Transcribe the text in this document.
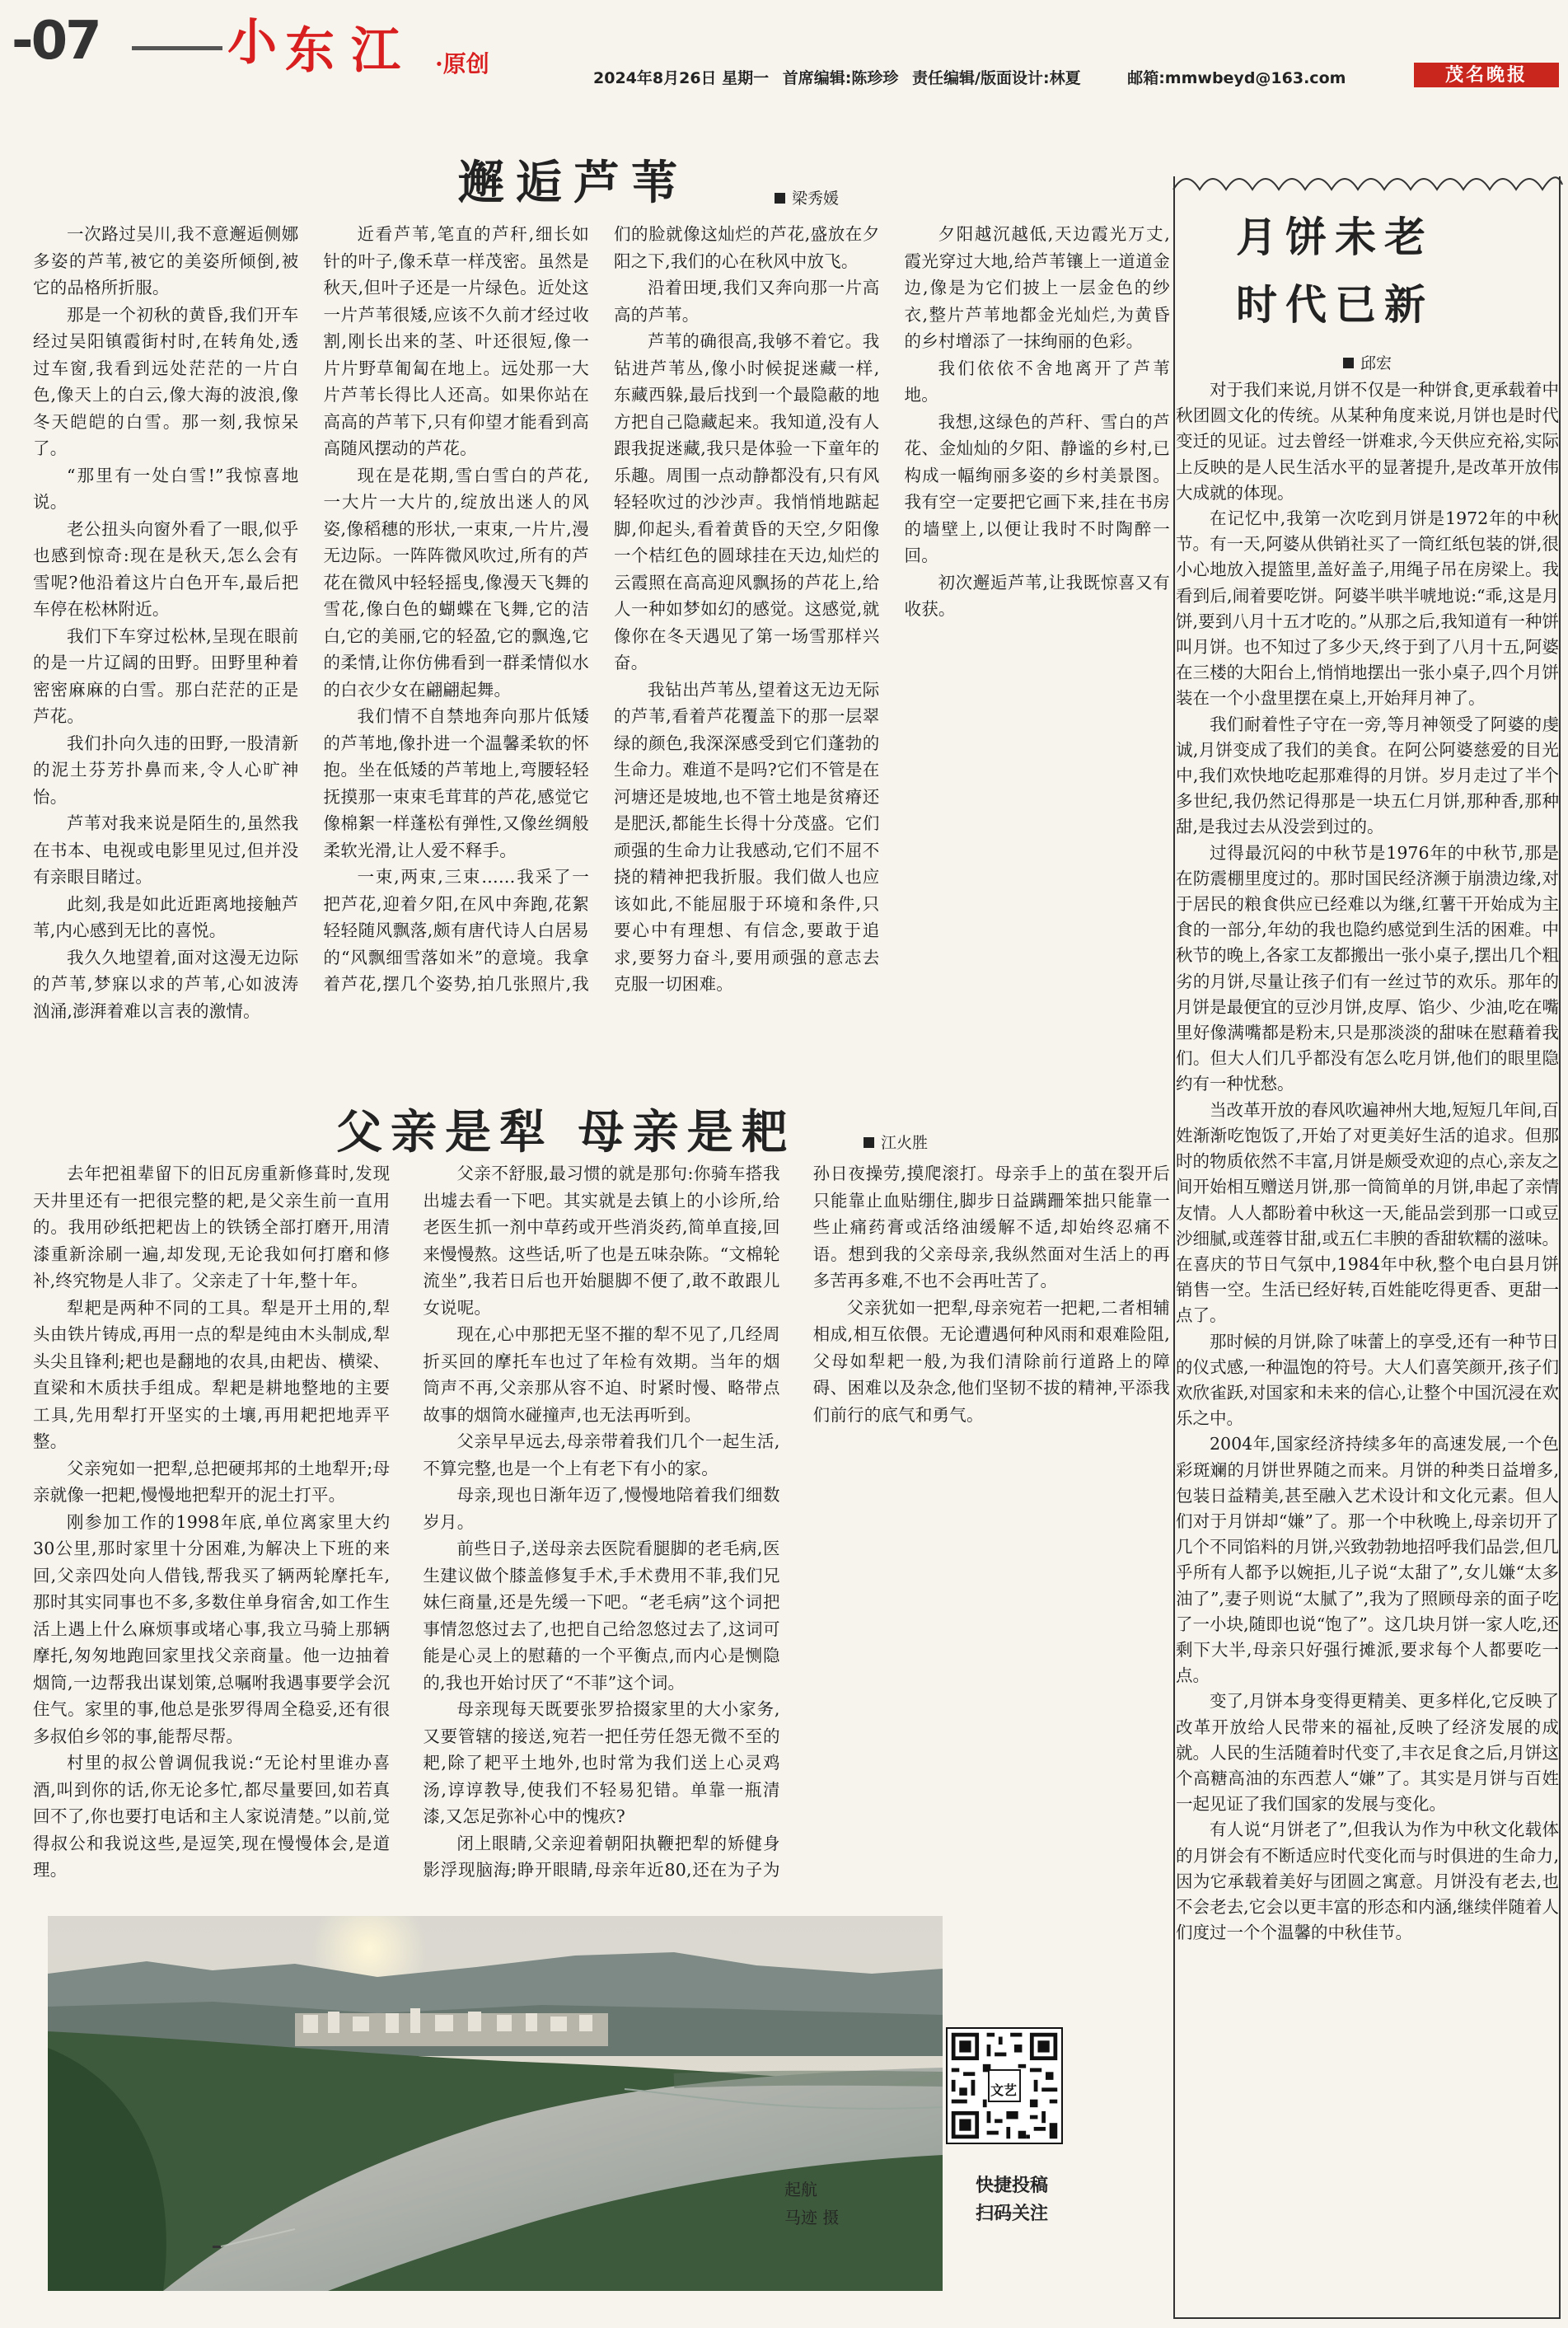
-07	小 东 江 ·原创
2024年8月26日 星期一 首席编辑:陈珍珍 责任编辑/版面设计:林夏	邮箱:mmwbeyd@163.com	茂名晚报
邂逅芦苇	梁秀媛

一次路过吴川,我不意邂逅侧娜多姿的芦苇,被它的美姿所倾倒,被它的品格所折服。

那是一个初秋的黄昏,我们开车经过吴阳镇霞街村时,在转角处,透过车窗,我看到远处茫茫的一片白色,像天上的白云,像大海的波浪,像冬天皑皑的白雪。那一刻,我惊呆了。

“那里有一处白雪!”我惊喜地说。

老公扭头向窗外看了一眼,似乎也感到惊奇:现在是秋天,怎么会有雪呢?他沿着这片白色开车,最后把车停在松林附近。

我们下车穿过松林,呈现在眼前的是一片辽阔的田野。田野里种着密密麻麻的白雪。那白茫茫的正是芦花。

我们扑向久违的田野,一股清新的泥土芬芳扑鼻而来,令人心旷神怡。

芦苇对我来说是陌生的,虽然我在书本、电视或电影里见过,但并没有亲眼目睹过。

此刻,我是如此近距离地接触芦苇,内心感到无比的喜悦。

我久久地望着,面对这漫无边际的芦苇,梦寐以求的芦苇,心如波涛汹涌,澎湃着难以言表的激情。

近看芦苇,笔直的芦秆,细长如针的叶子,像禾草一样茂密。虽然是秋天,但叶子还是一片绿色。近处这一片芦苇很矮,应该不久前才经过收割,刚长出来的茎、叶还很短,像一片片野草匍匐在地上。远处那一大片芦苇长得比人还高。如果你站在高高的芦苇下,只有仰望才能看到高高随风摆动的芦花。

现在是花期,雪白雪白的芦花,一大片一大片的,绽放出迷人的风姿,像稻穗的形状,一束束,一片片,漫无边际。一阵阵微风吹过,所有的芦花在微风中轻轻摇曳,像漫天飞舞的雪花,像白色的蝴蝶在飞舞,它的洁白,它的美丽,它的轻盈,它的飘逸,它的柔情,让你仿佛看到一群柔情似水的白衣少女在翩翩起舞。

我们情不自禁地奔向那片低矮的芦苇地,像扑进一个温馨柔软的怀抱。坐在低矮的芦苇地上,弯腰轻轻抚摸那一束束毛茸茸的芦花,感觉它像棉絮一样蓬松有弹性,又像丝绸般柔软光滑,让人爱不释手。

一束,两束,三束……我采了一把芦花,迎着夕阳,在风中奔跑,花絮轻轻随风飘落,颇有唐代诗人白居易的“风飘细雪落如米”的意境。我拿着芦花,摆几个姿势,拍几张照片,我们的脸就像这灿烂的芦花,盛放在夕阳之下,我们的心在秋风中放飞。

沿着田埂,我们又奔向那一片高高的芦苇。

芦苇的确很高,我够不着它。我钻进芦苇丛,像小时候捉迷藏一样,东藏西躲,最后找到一个最隐蔽的地方把自己隐藏起来。我知道,没有人跟我捉迷藏,我只是体验一下童年的乐趣。周围一点动静都没有,只有风轻轻吹过的沙沙声。我悄悄地踮起脚,仰起头,看着黄昏的天空,夕阳像一个桔红色的圆球挂在天边,灿烂的云霞照在高高迎风飘扬的芦花上,给人一种如梦如幻的感觉。这感觉,就像你在冬天遇见了第一场雪那样兴奋。

我钻出芦苇丛,望着这无边无际的芦苇,看着芦花覆盖下的那一层翠绿的颜色,我深深感受到它们蓬勃的生命力。难道不是吗?它们不管是在河塘还是坡地,也不管土地是贫瘠还是肥沃,都能生长得十分茂盛。它们顽强的生命力让我感动,它们不屈不挠的精神把我折服。我们做人也应该如此,不能屈服于环境和条件,只要心中有理想、有信念,要敢于追求,要努力奋斗,要用顽强的意志去克服一切困难。

夕阳越沉越低,天边霞光万丈,霞光穿过大地,给芦苇镶上一道道金边,像是为它们披上一层金色的纱衣,整片芦苇地都金光灿烂,为黄昏的乡村增添了一抹绚丽的色彩。

我们依依不舍地离开了芦苇地。

我想,这绿色的芦秆、雪白的芦花、金灿灿的夕阳、静谧的乡村,已构成一幅绚丽多姿的乡村美景图。我有空一定要把它画下来,挂在书房的墙壁上,以便让我时不时陶醉一回。

初次邂逅芦苇,让我既惊喜又有收获。

父亲是犁 母亲是耙	江火胜

去年把祖辈留下的旧瓦房重新修葺时,发现天井里还有一把很完整的耙,是父亲生前一直用的。我用砂纸把耙齿上的铁锈全部打磨开,用清漆重新涂刷一遍,却发现,无论我如何打磨和修补,终究物是人非了。父亲走了十年,整十年。

犁耙是两种不同的工具。犁是开土用的,犁头由铁片铸成,再用一点的犁是纯由木头制成,犁头尖且锋利;耙也是翻地的农具,由耙齿、横梁、直梁和木质扶手组成。犁耙是耕地整地的主要工具,先用犁打开坚实的土壤,再用耙把地弄平整。

父亲宛如一把犁,总把硬邦邦的土地犁开;母亲就像一把耙,慢慢地把犁开的泥土打平。

刚参加工作的1998年底,单位离家里大约30公里,那时家里十分困难,为解决上下班的来回,父亲四处向人借钱,帮我买了辆两轮摩托车,那时其实同事也不多,多数住单身宿舍,如工作生活上遇上什么麻烦事或堵心事,我立马骑上那辆摩托,匆匆地跑回家里找父亲商量。他一边抽着烟筒,一边帮我出谋划策,总嘱咐我遇事要学会沉住气。家里的事,他总是张罗得周全稳妥,还有很多叔伯乡邻的事,能帮尽帮。

村里的叔公曾调侃我说:“无论村里谁办喜酒,叫到你的话,你无论多忙,都尽量要回,如若真回不了,你也要打电话和主人家说清楚。”以前,觉得叔公和我说这些,是逗笑,现在慢慢体会,是道理。

父亲不舒服,最习惯的就是那句:你骑车搭我出墟去看一下吧。其实就是去镇上的小诊所,给老医生抓一剂中草药或开些消炎药,简单直接,回来慢慢熬。这些话,听了也是五味杂陈。“文棉轮流坐”,我若日后也开始腿脚不便了,敢不敢跟儿女说呢。

现在,心中那把无坚不摧的犁不见了,几经周折买回的摩托车也过了年检有效期。当年的烟筒声不再,父亲那从容不迫、时紧时慢、略带点故事的烟筒水碰撞声,也无法再听到。

父亲早早远去,母亲带着我们几个一起生活,不算完整,也是一个上有老下有小的家。

母亲,现也日渐年迈了,慢慢地陪着我们细数岁月。

前些日子,送母亲去医院看腿脚的老毛病,医生建议做个膝盖修复手术,手术费用不菲,我们兄妹仨商量,还是先缓一下吧。“老毛病”这个词把事情忽悠过去了,也把自己给忽悠过去了,这词可能是心灵上的慰藉的一个平衡点,而内心是恻隐的,我也开始讨厌了“不菲”这个词。

母亲现每天既要张罗拾掇家里的大小家务,又要管辖的接送,宛若一把任劳任怨无微不至的耙,除了耙平土地外,也时常为我们送上心灵鸡汤,谆谆教导,使我们不轻易犯错。单靠一瓶清漆,又怎足弥补心中的愧疚?

闭上眼睛,父亲迎着朝阳执鞭把犁的矫健身影浮现脑海;睁开眼睛,母亲年近80,还在为子为孙日夜操劳,摸爬滚打。母亲手上的茧在裂开后只能靠止血贴绷住,脚步日益蹒跚笨拙只能靠一些止痛药膏或活络油缓解不适,却始终忍痛不语。想到我的父亲母亲,我纵然面对生活上的再多苦再多难,不也不会再吐苦了。

父亲犹如一把犁,母亲宛若一把耙,二者相辅相成,相互依偎。无论遭遇何种风雨和艰难险阻,父母如犁耙一般,为我们清除前行道路上的障碍、困难以及杂念,他们坚韧不拔的精神,平添我们前行的底气和勇气。

月饼未老
时代已新
邱宏

对于我们来说,月饼不仅是一种饼食,更承载着中秋团圆文化的传统。从某种角度来说,月饼也是时代变迁的见证。过去曾经一饼难求,今天供应充裕,实际上反映的是人民生活水平的显著提升,是改革开放伟大成就的体现。

在记忆中,我第一次吃到月饼是1972年的中秋节。有一天,阿婆从供销社买了一筒红纸包装的饼,很小心地放入提篮里,盖好盖子,用绳子吊在房梁上。我看到后,闹着要吃饼。阿婆半哄半唬地说:“乖,这是月饼,要到八月十五才吃的。”从那之后,我知道有一种饼叫月饼。也不知过了多少天,终于到了八月十五,阿婆在三楼的大阳台上,悄悄地摆出一张小桌子,四个月饼装在一个小盘里摆在桌上,开始拜月神了。

我们耐着性子守在一旁,等月神领受了阿婆的虔诚,月饼变成了我们的美食。在阿公阿婆慈爱的目光中,我们欢快地吃起那难得的月饼。岁月走过了半个多世纪,我仍然记得那是一块五仁月饼,那种香,那种甜,是我过去从没尝到过的。

过得最沉闷的中秋节是1976年的中秋节,那是在防震棚里度过的。那时国民经济濒于崩溃边缘,对于居民的粮食供应已经难以为继,红薯干开始成为主食的一部分,年幼的我也隐约感觉到生活的困难。中秋节的晚上,各家工友都搬出一张小桌子,摆出几个粗劣的月饼,尽量让孩子们有一丝过节的欢乐。那年的月饼是最便宜的豆沙月饼,皮厚、馅少、少油,吃在嘴里好像满嘴都是粉末,只是那淡淡的甜味在慰藉着我们。但大人们几乎都没有怎么吃月饼,他们的眼里隐约有一种忧愁。

当改革开放的春风吹遍神州大地,短短几年间,百姓渐渐吃饱饭了,开始了对更美好生活的追求。但那时的物质依然不丰富,月饼是颇受欢迎的点心,亲友之间开始相互赠送月饼,那一筒简单的月饼,串起了亲情友情。人人都盼着中秋这一天,能品尝到那一口或豆沙细腻,或莲蓉甘甜,或五仁丰腴的香甜软糯的滋味。在喜庆的节日气氛中,1984年中秋,整个电白县月饼销售一空。生活已经好转,百姓能吃得更香、更甜一点了。

那时候的月饼,除了味蕾上的享受,还有一种节日的仪式感,一种温饱的符号。大人们喜笑颜开,孩子们欢欣雀跃,对国家和未来的信心,让整个中国沉浸在欢乐之中。

2004年,国家经济持续多年的高速发展,一个色彩斑斓的月饼世界随之而来。月饼的种类日益增多,包装日益精美,甚至融入艺术设计和文化元素。但人们对于月饼却“嫌”了。那一个中秋晚上,母亲切开了几个不同馅料的月饼,兴致勃勃地招呼我们品尝,但几乎所有人都予以婉拒,儿子说“太甜了”,女儿嫌“太多油了”,妻子则说“太腻了”,我为了照顾母亲的面子吃了一小块,随即也说“饱了”。这几块月饼一家人吃,还剩下大半,母亲只好强行摊派,要求每个人都要吃一点。

变了,月饼本身变得更精美、更多样化,它反映了改革开放给人民带来的福祉,反映了经济发展的成就。人民的生活随着时代变了,丰衣足食之后,月饼这个高糖高油的东西惹人“嫌”了。其实是月饼与百姓一起见证了我们国家的发展与变化。

有人说“月饼老了”,但我认为作为中秋文化载体的月饼会有不断适应时代变化而与时俱进的生命力,因为它承载着美好与团圆之寓意。月饼没有老去,也不会老去,它会以更丰富的形态和内涵,继续伴随着人们度过一个个温馨的中秋佳节。

起航
马迹 摄
文艺
快捷投稿
扫码关注
